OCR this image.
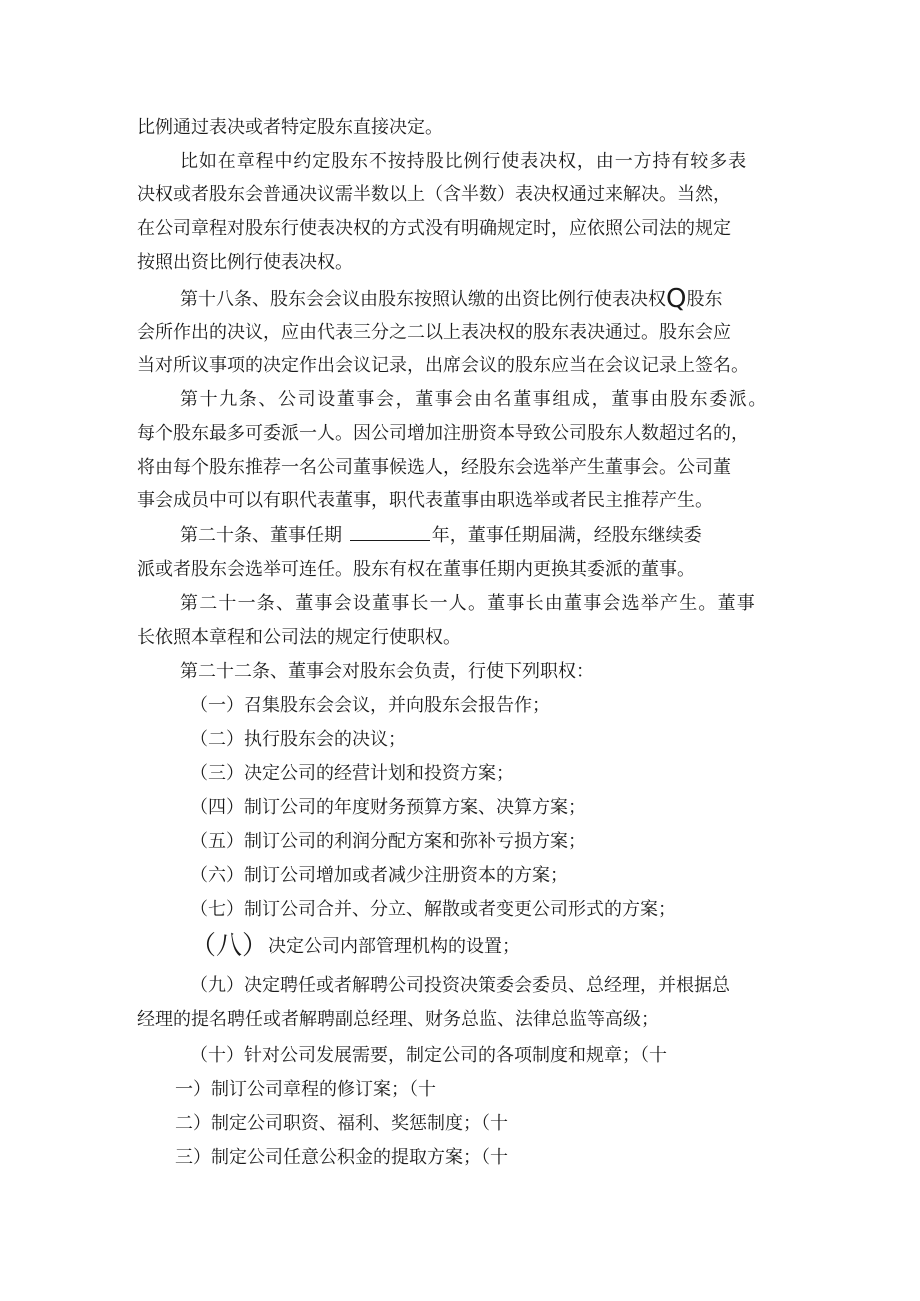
比例通过表决或者特定股东直接决定。
比如在章程中约定股东不按持股比例行使表决权，由一方持有较多表
决权或者股东会普通决议需半数以上（含半数）表决权通过来解决。当然，
在公司章程对股东行使表决权的方式没有明确规定时，应依照公司法的规定
按照出资比例行使表决权。
第十八条、股东会会议由股东按照认缴的出资比例行使表决权Q股东
会所作出的决议，应由代表三分之二以上表决权的股东表决通过。股东会应
当对所议事项的决定作出会议记录，出席会议的股东应当在会议记录上签名。
第十九条、公司设董事会，董事会由名董事组成，董事由股东委派。
每个股东最多可委派一人。因公司增加注册资本导致公司股东人数超过名的，
将由每个股东推荐一名公司董事候选人，经股东会选举产生董事会。公司董
事会成员中可以有职代表董事，职代表董事由职选举或者民主推荐产生。
第二十条、董事任期	年，董事任期届满，经股东继续委
派或者股东会选举可连任。股东有权在董事任期内更换其委派的董事。
第二十一条、董事会设董事长一人。董事长由董事会选举产生。董事
长依照本章程和公司法的规定行使职权。
第二十二条、董事会对股东会负责，行使下列职权：
（一）召集股东会会议，并向股东会报告作；
（二）执行股东会的决议；
（三）决定公司的经营计划和投资方案；
（四）制订公司的年度财务预算方案、决算方案；
（五）制订公司的利润分配方案和弥补亏损方案；
（六）制订公司增加或者减少注册资本的方案；
（七）制订公司合并、分立、解散或者变更公司形式的方案；
（八）决定公司内部管理机构的设置；
（九）决定聘任或者解聘公司投资决策委会委员、总经理，并根据总
经理的提名聘任或者解聘副总经理、财务总监、法律总监等高级；
（十）针对公司发展需要，制定公司的各项制度和规章；（十
一）制订公司章程的修订案；（十
二）制定公司职资、福利、奖惩制度；（十
三）制定公司任意公积金的提取方案；（十
